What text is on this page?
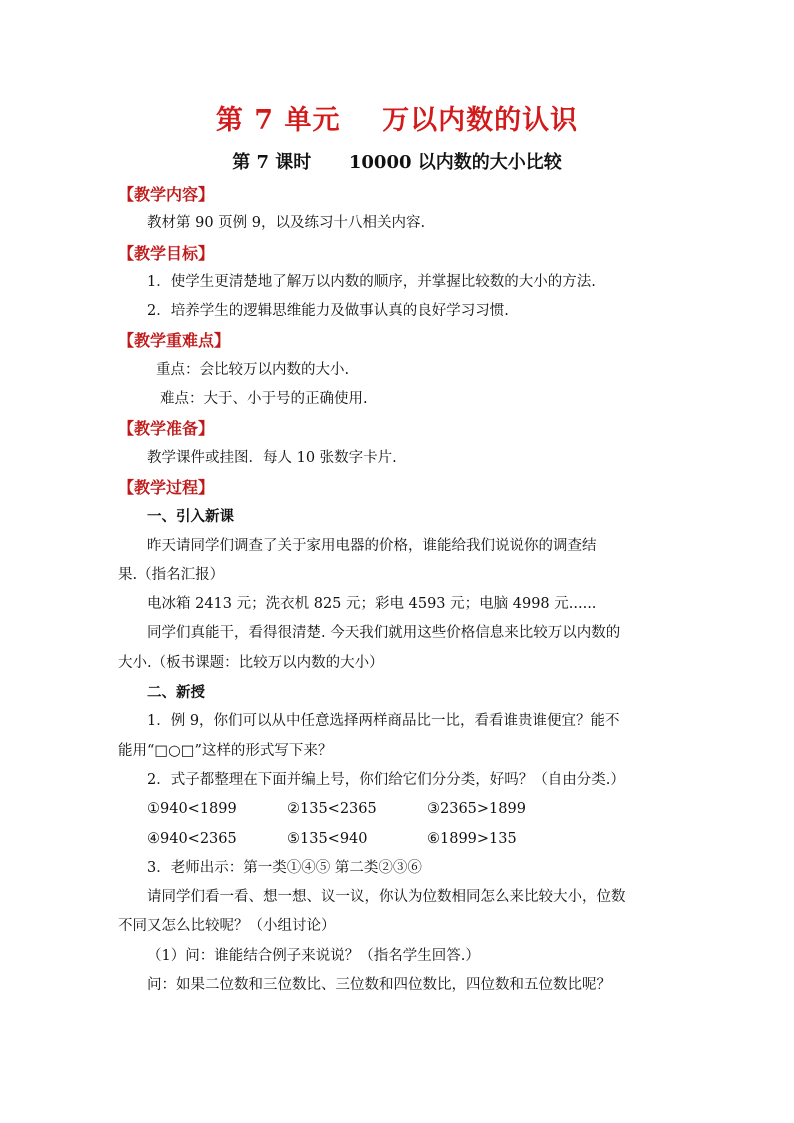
第 7 单元    万以内数的认识
第 7 课时      10000 以内数的大小比较
【教学内容】
教材第 90 页例 9，以及练习十八相关内容.
【教学目标】
1．使学生更清楚地了解万以内数的顺序，并掌握比较数的大小的方法.
2．培养学生的逻辑思维能力及做事认真的良好学习习惯.
【教学重难点】
重点：会比较万以内数的大小.
难点：大于、小于号的正确使用.
【教学准备】
教学课件或挂图．每人 10 张数字卡片.
【教学过程】
一、引入新课
昨天请同学们调查了关于家用电器的价格，谁能给我们说说你的调查结
果.（指名汇报）
电冰箱 2413 元；洗衣机 825 元；彩电 4593 元；电脑 4998 元......
同学们真能干，看得很清楚. 今天我们就用这些价格信息来比较万以内数的
大小.（板书课题：比较万以内数的大小）
二、新授
1．例 9，你们可以从中任意选择两样商品比一比，看看谁贵谁便宜？能不
能用“□○□”这样的形式写下来？
2．式子都整理在下面并编上号，你们给它们分分类，好吗？（自由分类.）
①940<1899	②135<2365	③2365>1899
④940<2365	⑤135<940	⑥1899>135
3．老师出示：第一类①④⑤ 第二类②③⑥
请同学们看一看、想一想、议一议，你认为位数相同怎么来比较大小，位数
不同又怎么比较呢？（小组讨论）
（1）问：谁能结合例子来说说？（指名学生回答.）
问：如果二位数和三位数比、三位数和四位数比，四位数和五位数比呢？
